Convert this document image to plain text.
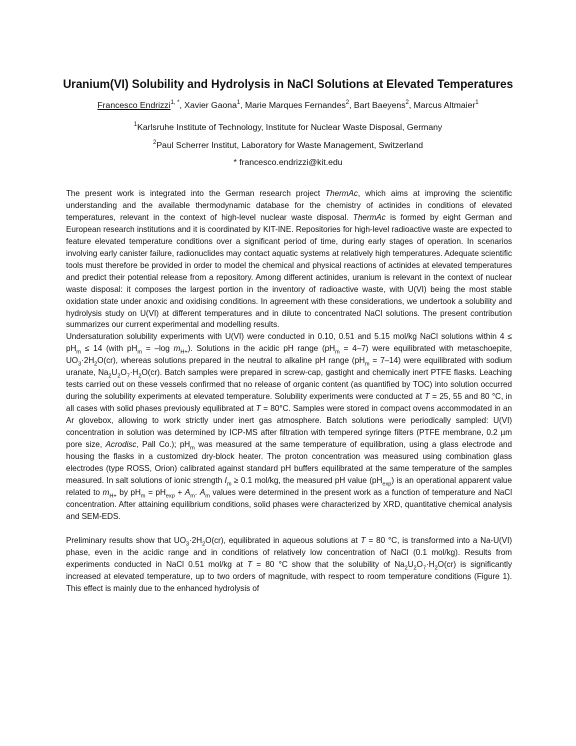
Uranium(VI) Solubility and Hydrolysis in NaCl Solutions at Elevated Temperatures
Francesco Endrizzi$^{1, *}$, Xavier Gaona$^1$, Marie Marques Fernandes$^2$, Bart Baeyens$^2$, Marcus Altmaier$^1$
$^1$Karlsruhe Institute of Technology, Institute for Nuclear Waste Disposal, Germany
$^2$Paul Scherrer Institut, Laboratory for Waste Management, Switzerland
* francesco.endrizzi@kit.edu

The present work is integrated into the German research project ThermAc, which aims at improving the scientific understanding and the available thermodynamic database for the chemistry of actinides in conditions of elevated temperatures, relevant in the context of high-level nuclear waste disposal. ThermAc is formed by eight German and European research institutions and it is coordinated by KIT-INE. Repositories for high-level radioactive waste are expected to feature elevated temperature conditions over a significant period of time, during early stages of operation. In scenarios involving early canister failure, radionuclides may contact aquatic systems at relatively high temperatures. Adequate scientific tools must therefore be provided in order to model the chemical and physical reactions of actinides at elevated temperatures and predict their potential release from a repository. Among different actinides, uranium is relevant in the context of nuclear waste disposal: it composes the largest portion in the inventory of radioactive waste, with U(VI) being the most stable oxidation state under anoxic and oxidising conditions. In agreement with these considerations, we undertook a solubility and hydrolysis study on U(VI) at different temperatures and in dilute to concentrated NaCl solutions. The present contribution summarizes our current experimental and modelling results.

Undersaturation solubility experiments with U(VI) were conducted in 0.10, 0.51 and 5.15 mol/kg NaCl solutions within $4 \le pH_m \le 14$ (with $pH_m = -\log$ $m_{H+}$). Solutions in the acidic pH range $(pH_m = 4-7)$ were equilibrated with metaschoepite, $UO_3\cdot 2H_2O(cr)$, whereas solutions prepared in the neutral to alkaline pH range $(pH_m = 7-14)$ were equilibrated with sodium uranate, $Na_2U_2O_7\cdot H_2O(cr)$. Batch samples were prepared in screw-cap, gastight and chemically inert PTFE flasks. Leaching tests carried out on these vessels confirmed that no release of organic content (as quantified by TOC) into solution occurred during the solubility experiments at elevated temperature. Solubility experiments were conducted at T = 25, 55 and 80 °C, in all cases with solid phases previously equilibrated at T = 80°C. Samples were stored in compact ovens accommodated in an Ar glovebox, allowing to work strictly under inert gas atmosphere. Batch solutions were periodically sampled: U(VI) concentration in solution was determined by ICP-MS after filtration with tempered syringe filters (PTFE membrane, 0.2 µm pore size, Acrodisc, Pall Co.); $pH_m$ was measured at the same temperature of equilibration, using a glass electrode and housing the flasks in a customized dry-block heater. The proton concentration was measured using combination glass electrodes (type ROSS, Orion) calibrated against standard pH buffers equilibrated at the same temperature of the samples measured. In salt solutions of ionic strength $I_m \ge 0.1$ mol/kg, the measured pH value $(pH_{exp})$ is an operational apparent value related to $m_{H+}$ by $pH_m = pH_{exp} + A_m$. $A_m$ values were determined in the present work as a function of temperature and NaCl concentration. After attaining equilibrium conditions, solid phases were characterized by XRD, quantitative chemical analysis and SEM-EDS.

Preliminary results show that $UO_3\cdot 2H_2O(cr)$, equilibrated in aqueous solutions at T = 80 °C, is transformed into a Na-U(VI) phase, even in the acidic range and in conditions of relatively low concentration of NaCl (0.1 mol/kg). Results from experiments conducted in NaCl 0.51 mol/kg at T = 80 °C show that the solubility of $Na_2U_2O_7\cdot H_2O(cr)$ is significantly increased at elevated temperature, up to two orders of magnitude, with respect to room temperature conditions (Figure 1). This effect is mainly due to the enhanced hydrolysis of
